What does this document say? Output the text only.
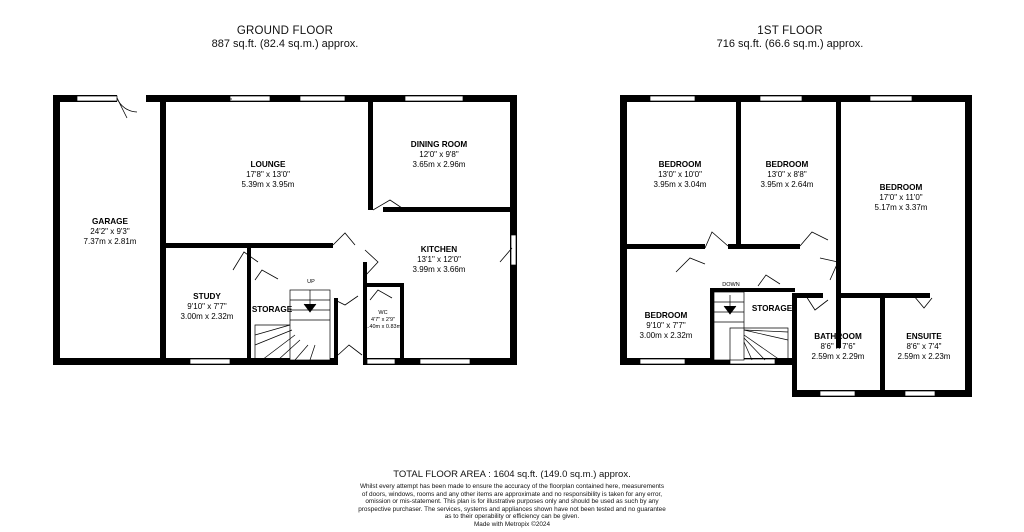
GROUND FLOOR
887 sq.ft. (82.4 sq.m.) approx.
1ST FLOOR
716 sq.ft. (66.6 sq.m.) approx.
GARAGE
24'2" x 9'3"
7.37m x 2.81m
LOUNGE
17'8" x 13'0"
5.39m x 3.95m
DINING ROOM
12'0" x 9'8"
3.65m x 2.96m
KITCHEN
13'1" x 12'0"
3.99m x 3.66m
STUDY
9'10" x 7'7"
3.00m x 2.32m
STORAGE	WC
4'7" x 2'9"
1.40m x 0.83m
UP
BEDROOM
13'0" x 10'0"
3.95m x 3.04m
BEDROOM
13'0" x 8'8"
3.95m x 2.64m	BEDROOM
17'0" x 11'0"
5.17m x 3.37m
BEDROOM
9'10" x 7'7"
3.00m x 2.32m	BATHROOM
8'6" x 7'6"
2.59m x 2.29m
ENSUITE
8'6" x 7'4"
2.59m x 2.23m
STORAGE
DOWN
TOTAL FLOOR AREA : 1604 sq.ft. (149.0 sq.m.) approx.
Whilst every attempt has been made to ensure the accuracy of the floorplan contained here, measurements
of doors, windows, rooms and any other items are approximate and no responsibility is taken for any error,
omission or mis-statement. This plan is for illustrative purposes only and should be used as such by any
prospective purchaser. The services, systems and appliances shown have not been tested and no guarantee
as to their operability or efficiency can be given.
Made with Metropix ©2024
